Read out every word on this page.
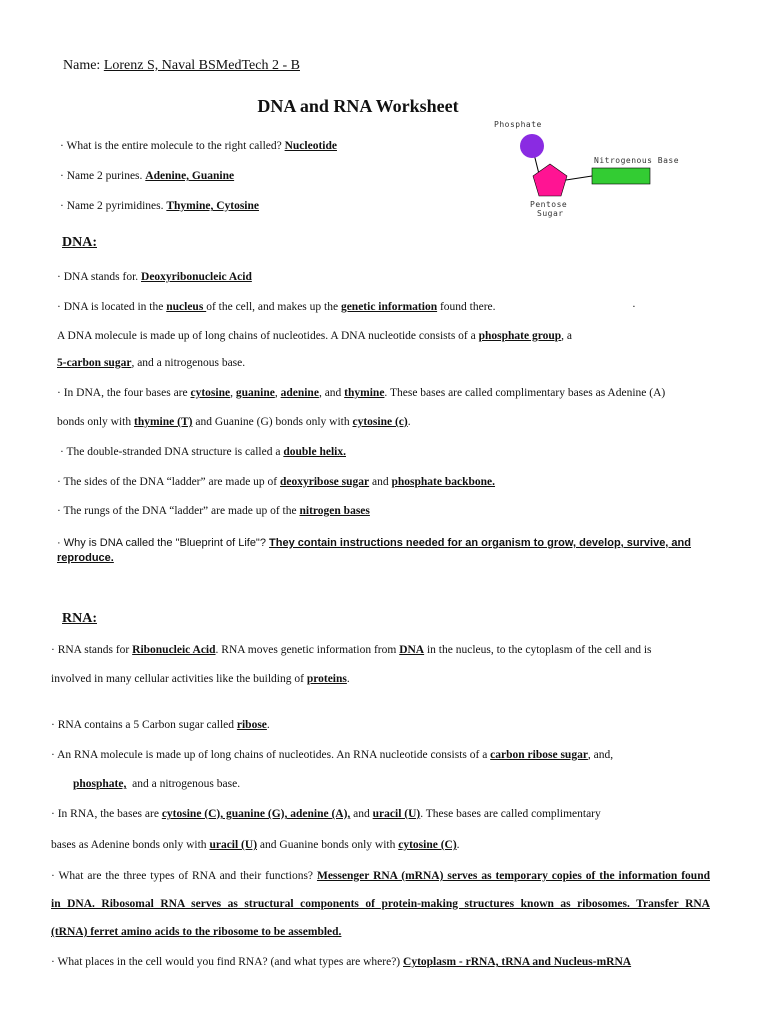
Name: Lorenz S, Naval BSMedTech 2 - B
DNA and RNA Worksheet
Phosphate
Nitrogenous Base
Pentose
Sugar
· What is the entire molecule to the right called? Nucleotide
· Name 2 purines. Adenine, Guanine
· Name 2 pyrimidines. Thymine, Cytosine
DNA:
· DNA stands for. Deoxyribonucleic Acid
· DNA is located in the nucleus of the cell, and makes up the genetic information found there.	·
A DNA molecule is made up of long chains of nucleotides. A DNA nucleotide consists of a phosphate group, a
5-carbon sugar, and a nitrogenous base.
· In DNA, the four bases are cytosine, guanine, adenine, and thymine. These bases are called complimentary bases as Adenine (A)
bonds only with thymine (T) and Guanine (G) bonds only with cytosine (c).
· The double-stranded DNA structure is called a double helix.
· The sides of the DNA “ladder” are made up of deoxyribose sugar and phosphate backbone.
· The rungs of the DNA “ladder” are made up of the nitrogen bases
· Why is DNA called the "Blueprint of Life"? They contain instructions needed for an organism to grow, develop, survive, and
reproduce.
RNA:
· RNA stands for Ribonucleic Acid. RNA moves genetic information from DNA in the nucleus, to the cytoplasm of the cell and is
involved in many cellular activities like the building of proteins.
· RNA contains a 5 Carbon sugar called ribose.
· An RNA molecule is made up of long chains of nucleotides. An RNA nucleotide consists of a carbon ribose sugar, and,
phosphate, and a nitrogenous base.
· In RNA, the bases are cytosine (C), guanine (G), adenine (A), and uracil (U). These bases are called complimentary
bases as Adenine bonds only with uracil (U) and Guanine bonds only with cytosine (C).
· What are the three types of RNA and their functions? Messenger RNA (mRNA) serves as temporary copies of the information found
in DNA. Ribosomal RNA serves as structural components of protein-making structures known as ribosomes. Transfer RNA
(tRNA) ferret amino acids to the ribosome to be assembled.
· What places in the cell would you find RNA? (and what types are where?) Cytoplasm - rRNA, tRNA and Nucleus-mRNA
